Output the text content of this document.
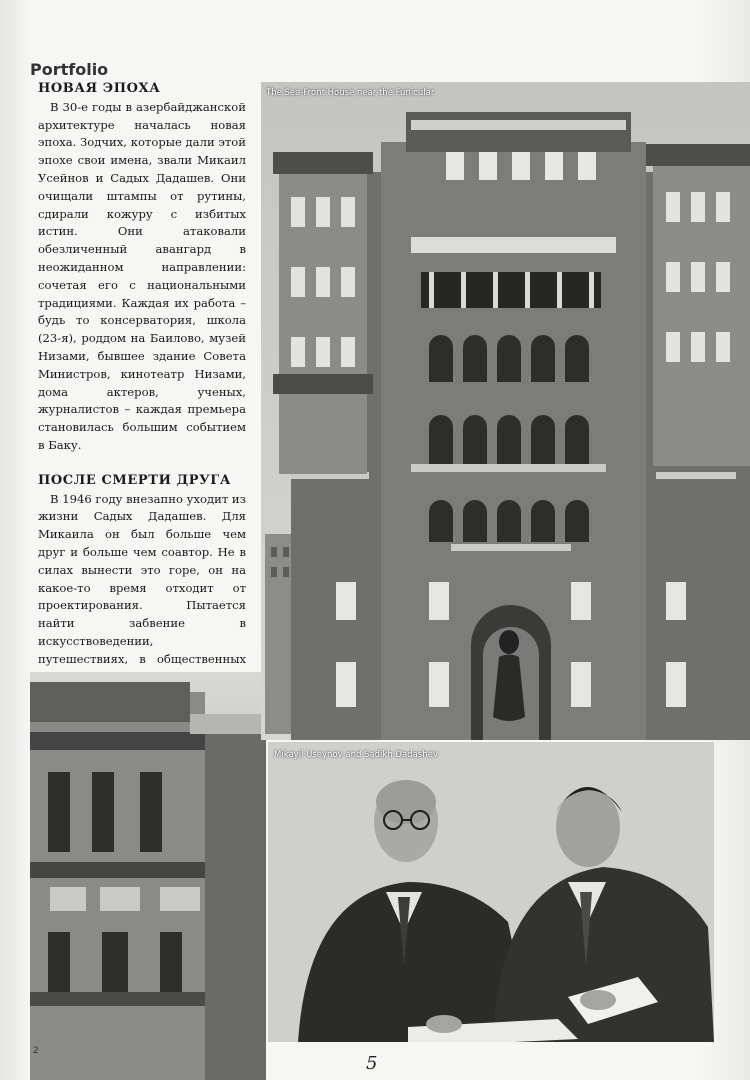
Portfolio
НОВАЯ ЭПОХА

В 30-е годы в азербайджанской архитектуре началась новая эпоха. Зодчих, которые дали этой эпохе свои имена, звали Микаил Усейнов и Садых Дадашев. Они очищали штампы от рутины, сдирали кожуру с избитых истин. Они атаковали обезличенный авангард в неожиданном направлении: сочетая его с национальными традициями. Каждая их работа – будь то консерватория, школа (23-я), роддом на Баилово, музей Низами, бывшее здание Совета Министров, кинотеатр Низами, дома актеров, ученых, журналистов – каждая премьера становилась большим событием в Баку.

ПОСЛЕ СМЕРТИ ДРУГА

В 1946 году внезапно уходит из жизни Садых Дадашев. Для Микаила он был больше чем друг и больше чем соавтор. Не в силах вынести это горе, он на какое-то время отходит от проектирования. Пытается найти забвение в искусствоведении, путешествиях, в общественных

The Sea-Front House near the Funicular
Mikayil Useynov and Sadikh Dadashev
2
5
